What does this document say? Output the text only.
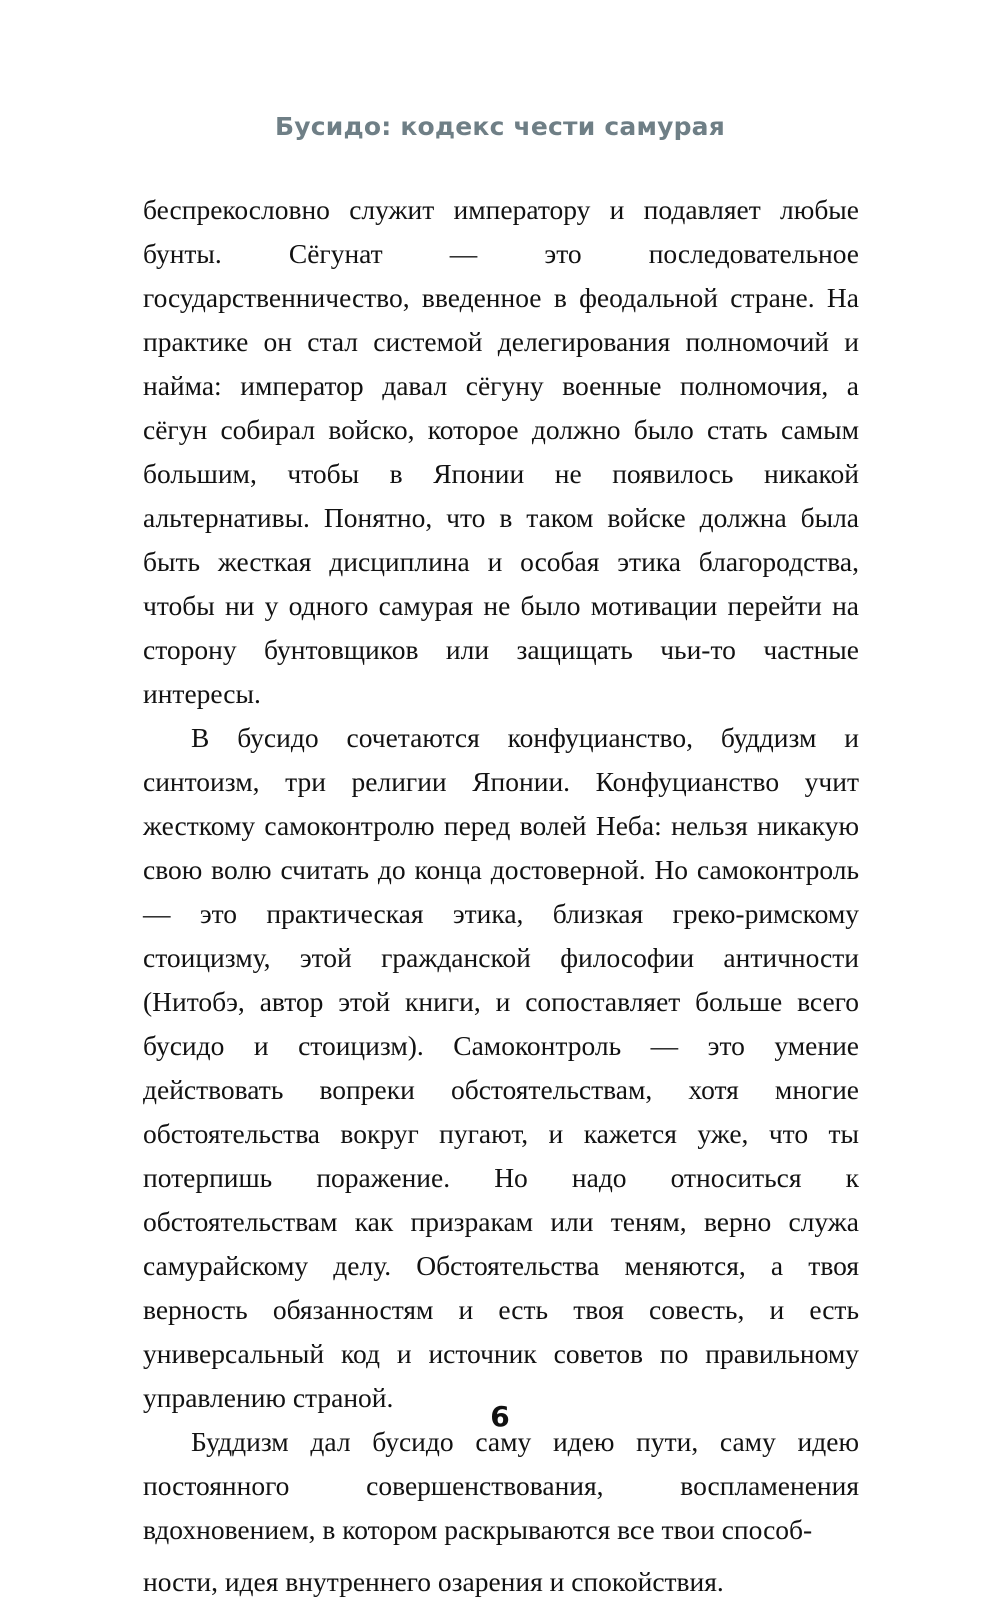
Бусидо: кодекс чести самурая

беспрекословно служит императору и подавляет любые бунты. Сёгунат — это последовательное государственничество, введенное в феодальной стране. На практике он стал системой делегирования полномочий и найма: император давал сёгуну военные полномочия, а сёгун собирал войско, которое должно было стать самым большим, чтобы в Японии не появилось никакой альтернативы. Понятно, что в таком войске должна была быть жесткая дисциплина и особая этика благородства, чтобы ни у одного самурая не было мотивации перейти на сторону бунтовщиков или защищать чьи-то частные интересы.

В бусидо сочетаются конфуцианство, буддизм и синтоизм, три религии Японии. Конфуцианство учит жесткому самоконтролю перед волей Неба: нельзя никакую свою волю считать до конца достоверной. Но самоконтроль — это практическая этика, близкая греко-римскому стоицизму, этой гражданской философии античности (Нитобэ, автор этой книги, и сопоставляет больше всего бусидо и стоицизм). Самоконтроль — это умение действовать вопреки обстоятельствам, хотя многие обстоятельства вокруг пугают, и кажется уже, что ты потерпишь поражение. Но надо относиться к обстоятельствам как призракам или теням, верно служа самурайскому делу. Обстоятельства меняются, а твоя верность обязанностям и есть твоя совесть, и есть универсальный код и источник советов по правильному управлению страной.

Буддизм дал бусидо саму идею пути, саму идею постоянного совершенствования, воспламенения вдохновением, в котором раскрываются все твои способ-

6
ности, идея внутреннего озарения и спокойствия.
